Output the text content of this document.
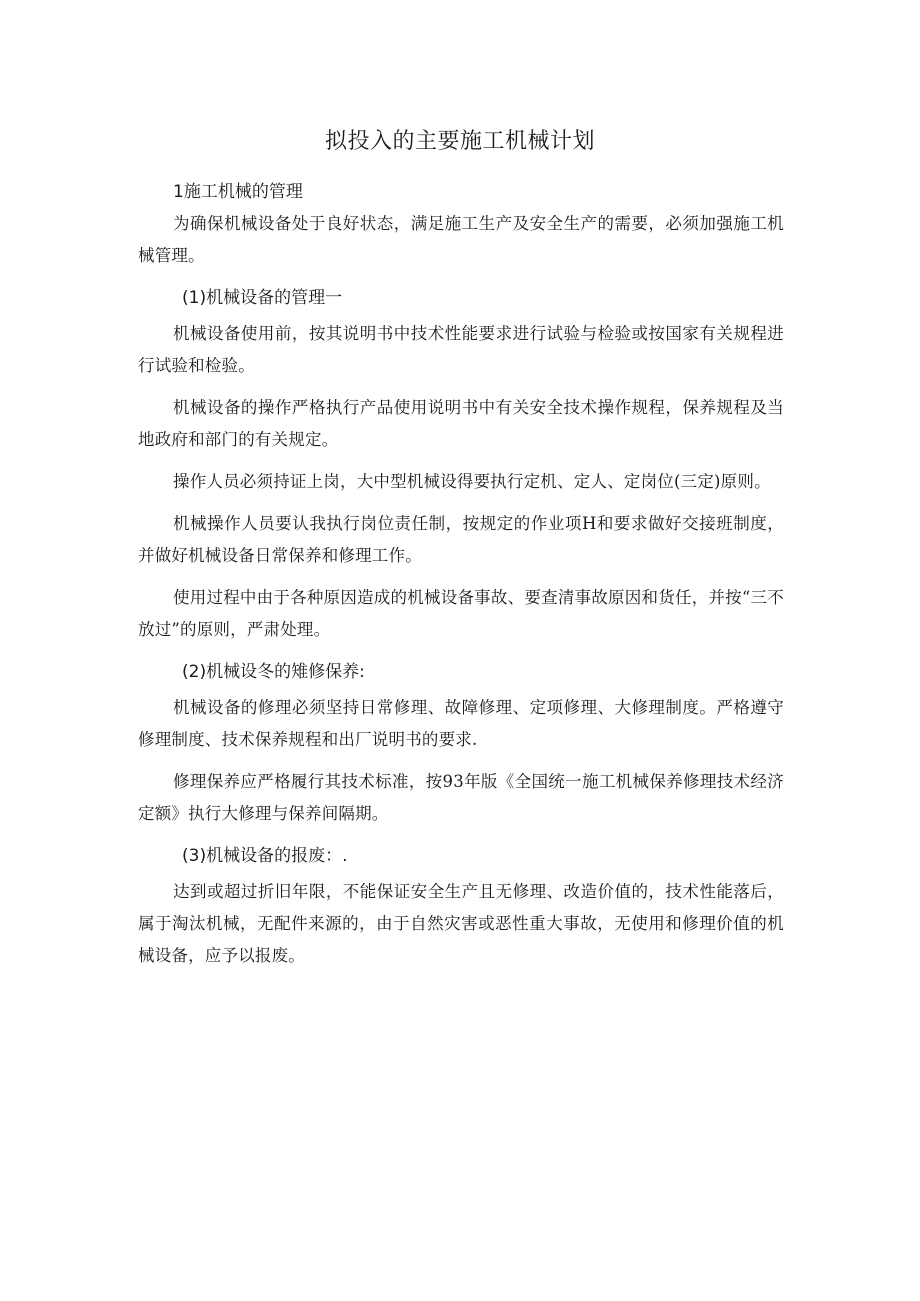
拟投入的主要施工机械计划
1施工机械的管理

为确保机械设备处于良好状态，满足施工生产及安全生产的需要，必须加强施工机械管理。

(1)机械设备的管理一

机械设备使用前，按其说明书中技术性能要求进行试验与检验或按国家有关规程进行试验和检验。

机械设备的操作严格执行产品使用说明书中有关安全技术操作规程，保养规程及当地政府和部门的有关规定。

操作人员必须持证上岗，大中型机械设得要执行定机、定人、定岗位(三定)原则。

机械操作人员要认我执行岗位责任制，按规定的作业项H和要求做好交接班制度，并做好机械设备日常保养和修理工作。

使用过程中由于各种原因造成的机械设备事故、要查清事故原因和货任，并按“三不放过”的原则，严肃处理。

(2)机械设冬的雉修保养:

机械设备的修理必须坚持日常修理、故障修理、定项修理、大修理制度。严格遵守修理制度、技术保养规程和出厂说明书的要求.

修理保养应严格履行其技术标准，按93年版《全国统一施工机械保养修理技术经济定额》执行大修理与保养间隔期。

(3)机械设备的报废：.

达到或超过折旧年限，不能保证安全生产且无修理、改造价值的，技术性能落后，属于淘汰机械，无配件来源的，由于自然灾害或恶性重大事故，无使用和修理价值的机械设备，应予以报废。
